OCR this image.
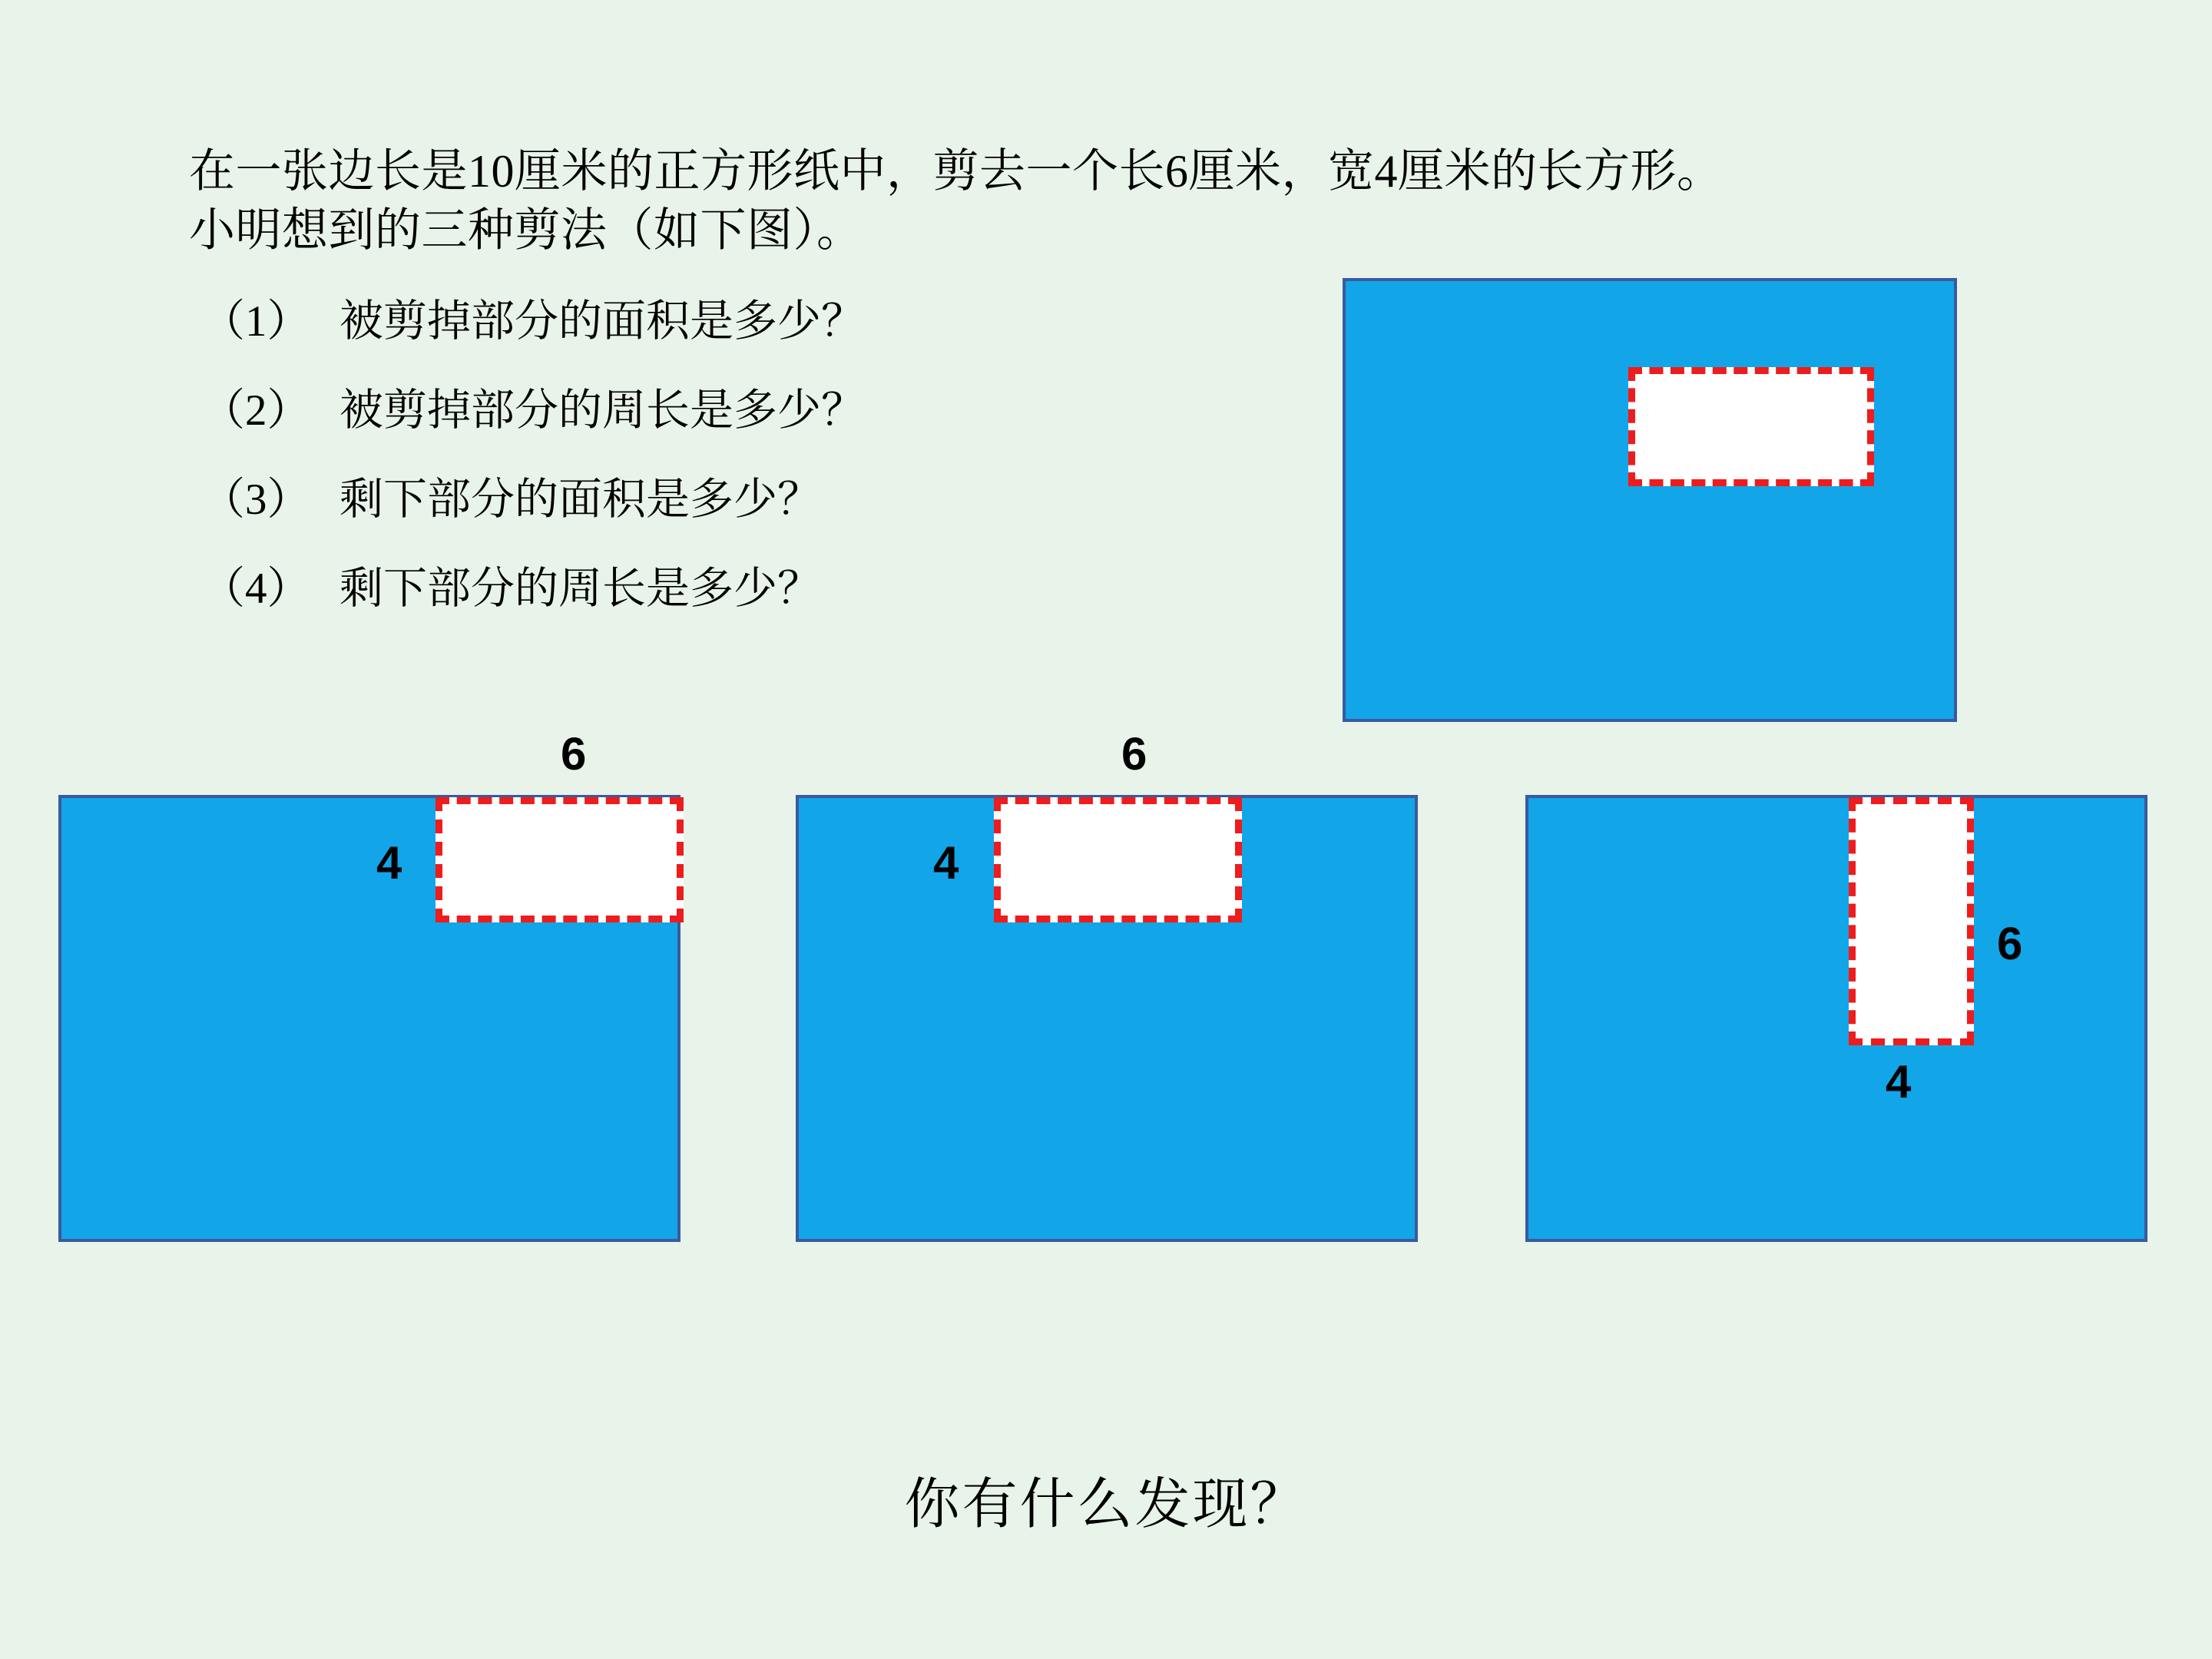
在一张边长是10厘米的正方形纸中，剪去一个长6厘米，宽4厘米的长方形。
小明想到的三种剪法（如下图）。
（1） 被剪掉部分的面积是多少？
（2） 被剪掉部分的周长是多少？
（3） 剩下部分的面积是多少？
（4） 剩下部分的周长是多少？
6
4
6
4
6
4
你有什么发现？
